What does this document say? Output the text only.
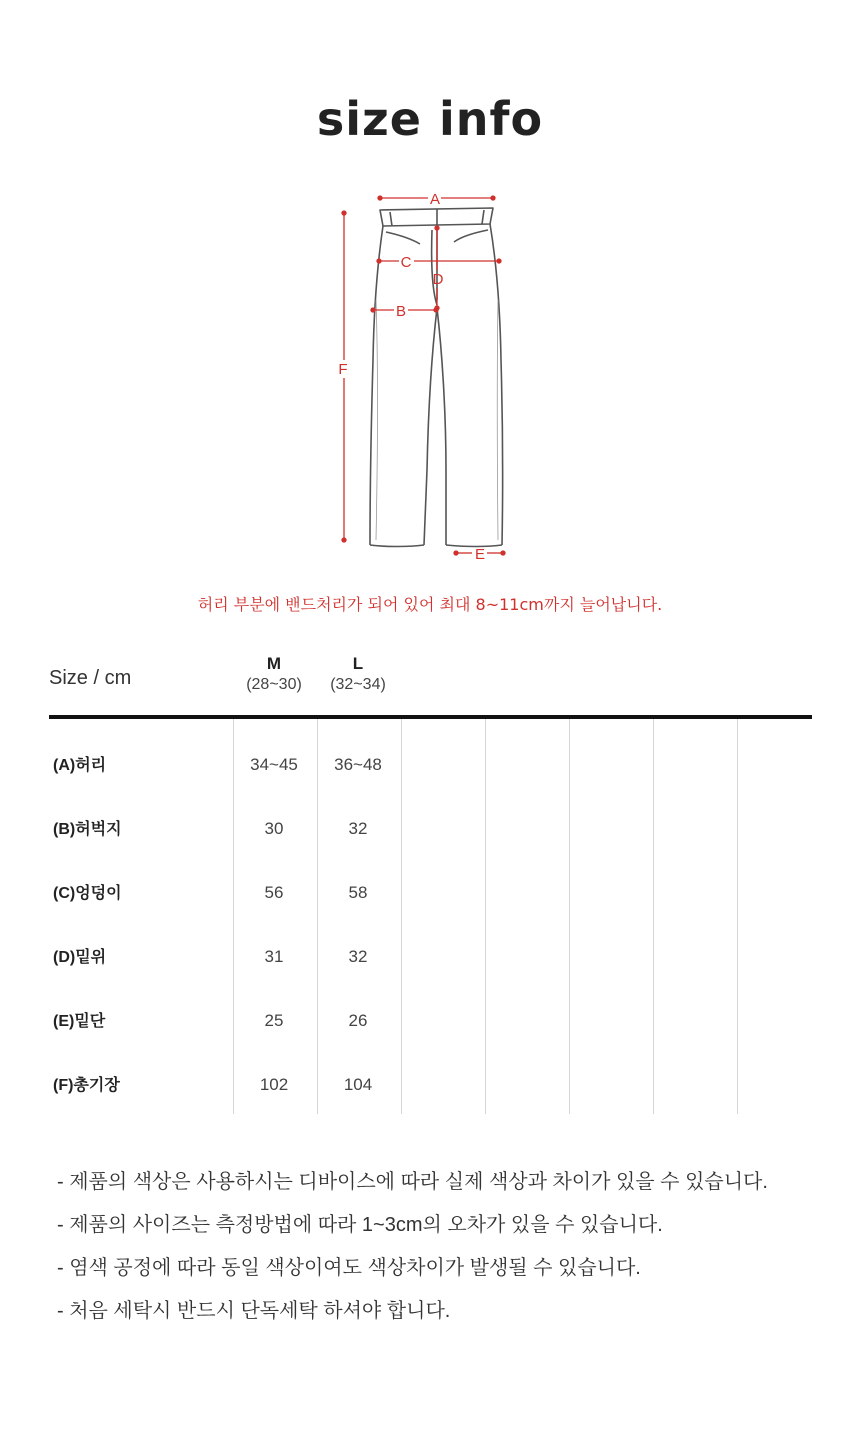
size info
A
C
D
B
F
E
허리 부분에 밴드처리가 되어 있어 최대 8~11cm까지 늘어납니다.
Size / cm
M
(28~30)
L
(32~34)
(A)허리	34~45	36~48
(B)허벅지	30	32
(C)엉덩이	56	58
(D)밑위	31	32
(E)밑단	25	26
(F)총기장	102	104
- 제품의 색상은 사용하시는 디바이스에 따라 실제 색상과 차이가 있을 수 있습니다.
- 제품의 사이즈는 측정방법에 따라 1~3cm의 오차가 있을 수 있습니다.
- 염색 공정에 따라 동일 색상이여도 색상차이가 발생될 수 있습니다.
- 처음 세탁시 반드시 단독세탁 하셔야 합니다.
